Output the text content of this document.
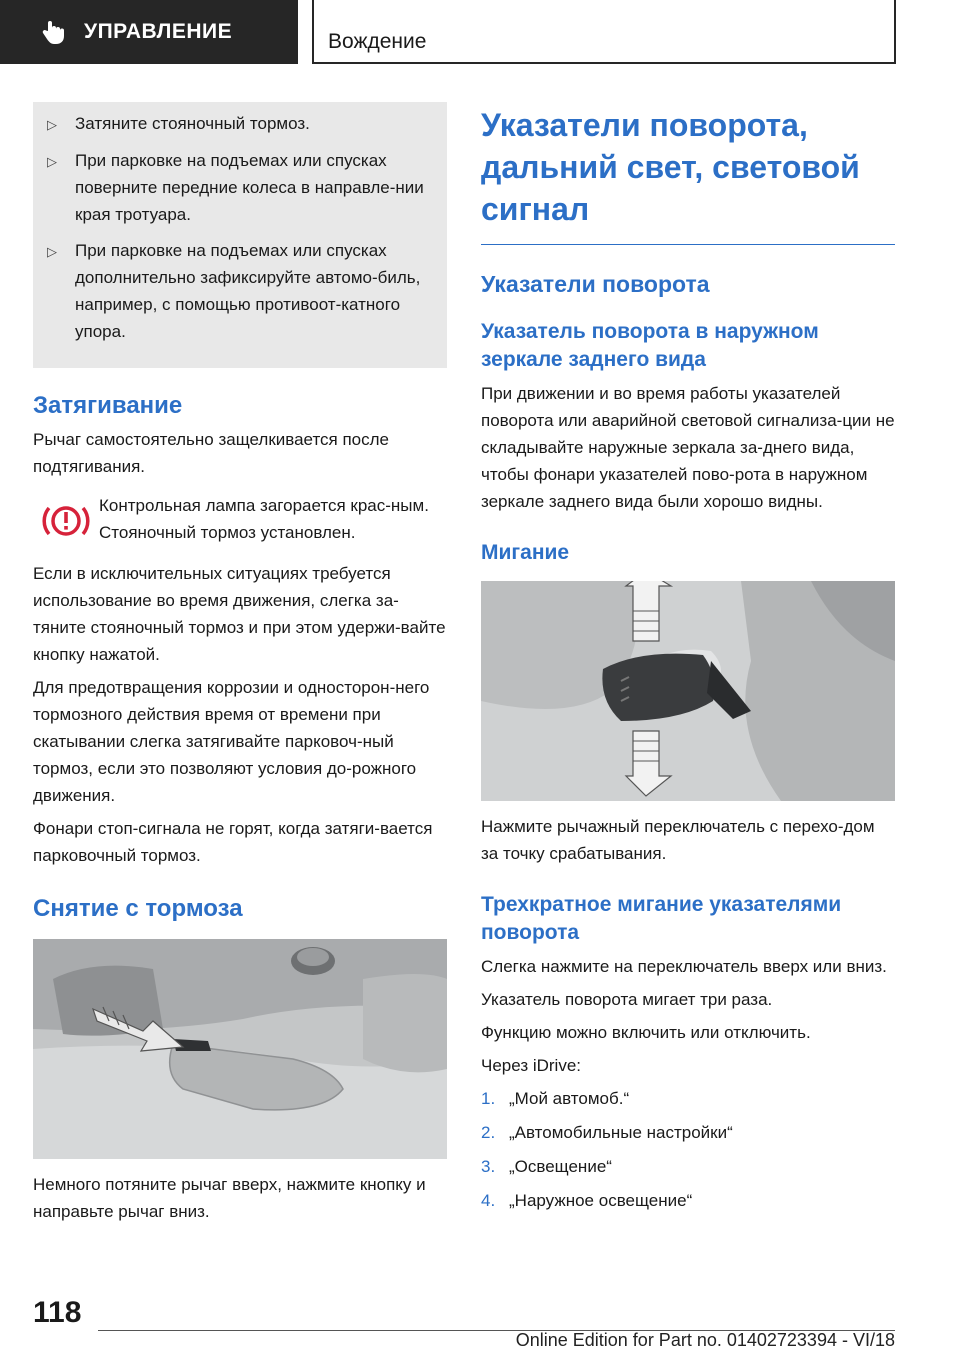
УПРАВЛЕНИЕ	Вождение
▷	Затяните стояночный тормоз.
▷	При парковке на подъемах или спусках поверните передние колеса в направле-нии края тротуара.
▷	При парковке на подъемах или спусках дополнительно зафиксируйте автомо-биль, например, с помощью противоот-катного упора.
Затягивание
Рычаг самостоятельно защелкивается после подтягивания.
Контрольная лампа загорается крас-ным. Стояночный тормоз установлен.
Если в исключительных ситуациях требуется использование во время движения, слегка за-тяните стояночный тормоз и при этом удержи-вайте кнопку нажатой.
Для предотвращения коррозии и односторон-него тормозного действия время от времени при скатывании слегка затягивайте парковоч-ный тормоз, если это позволяют условия до-рожного движения.
Фонари стоп-сигнала не горят, когда затяги-вается парковочный тормоз.
Снятие с тормоза
Немного потяните рычаг вверх, нажмите кнопку и направьте рычаг вниз.
Указатели поворота, дальний свет, световой сигнал
Указатели поворота
Указатель поворота в наружном зеркале заднего вида
При движении и во время работы указателей поворота или аварийной световой сигнализа-ции не складывайте наружные зеркала за-днего вида, чтобы фонари указателей пово-рота в наружном зеркале заднего вида были хорошо видны.
Мигание
Нажмите рычажный переключатель с перехо-дом за точку срабатывания.
Трехкратное мигание указателями поворота
Слегка нажмите на переключатель вверх или вниз.
Указатель поворота мигает три раза.
Функцию можно включить или отключить.
Через iDrive:
1. „Мой автомоб.“
2. „Автомобильные настройки“
3. „Освещение“
4. „Наружное освещение“
118
Online Edition for Part no. 01402723394 - VI/18
